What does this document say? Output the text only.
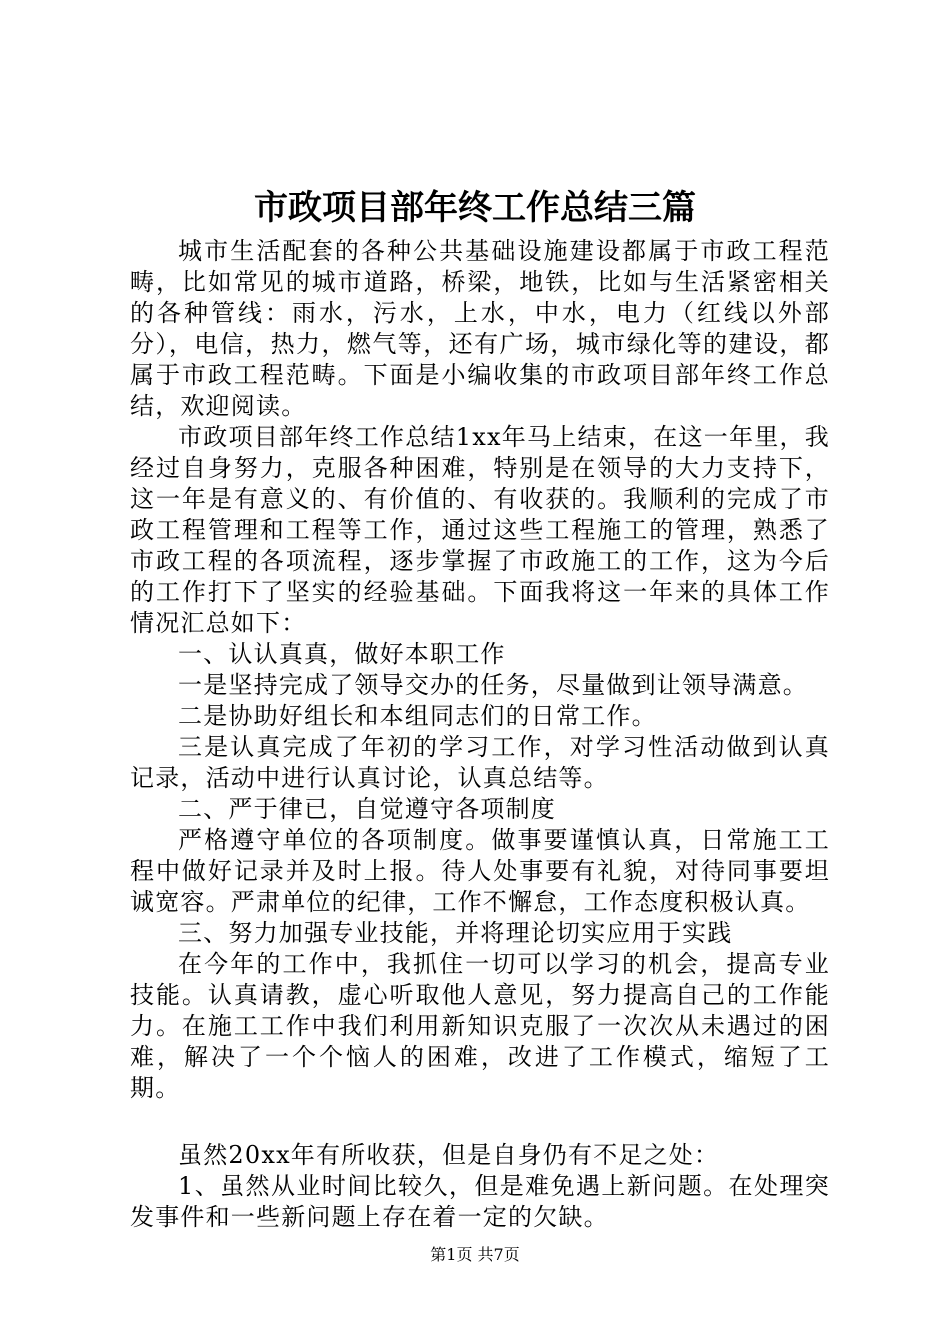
市政项目部年终工作总结三篇

城市生活配套的各种公共基础设施建设都属于市政工程范畴，比如常见的城市道路，桥梁，地铁，比如与生活紧密相关的各种管线：雨水，污水，上水，中水，电力（红线以外部分），电信，热力，燃气等，还有广场，城市绿化等的建设，都属于市政工程范畴。下面是小编收集的市政项目部年终工作总结，欢迎阅读。

市政项目部年终工作总结1xx年马上结束，在这一年里，我经过自身努力，克服各种困难，特别是在领导的大力支持下，这一年是有意义的、有价值的、有收获的。我顺利的完成了市政工程管理和工程等工作，通过这些工程施工的管理，熟悉了市政工程的各项流程，逐步掌握了市政施工的工作，这为今后的工作打下了坚实的经验基础。下面我将这一年来的具体工作情况汇总如下：

一、认认真真，做好本职工作

一是坚持完成了领导交办的任务，尽量做到让领导满意。

二是协助好组长和本组同志们的日常工作。

三是认真完成了年初的学习工作，对学习性活动做到认真记录，活动中进行认真讨论，认真总结等。

二、严于律已，自觉遵守各项制度

严格遵守单位的各项制度。做事要谨慎认真，日常施工工程中做好记录并及时上报。待人处事要有礼貌，对待同事要坦诚宽容。严肃单位的纪律，工作不懈怠，工作态度积极认真。

三、努力加强专业技能，并将理论切实应用于实践

在今年的工作中，我抓住一切可以学习的机会，提高专业技能。认真请教，虚心听取他人意见，努力提高自己的工作能力。在施工工作中我们利用新知识克服了一次次从未遇过的困难，解决了一个个恼人的困难，改进了工作模式，缩短了工期。

虽然20xx年有所收获，但是自身仍有不足之处：

1、虽然从业时间比较久，但是难免遇上新问题。在处理突发事件和一些新问题上存在着一定的欠缺。

第1页 共7页
